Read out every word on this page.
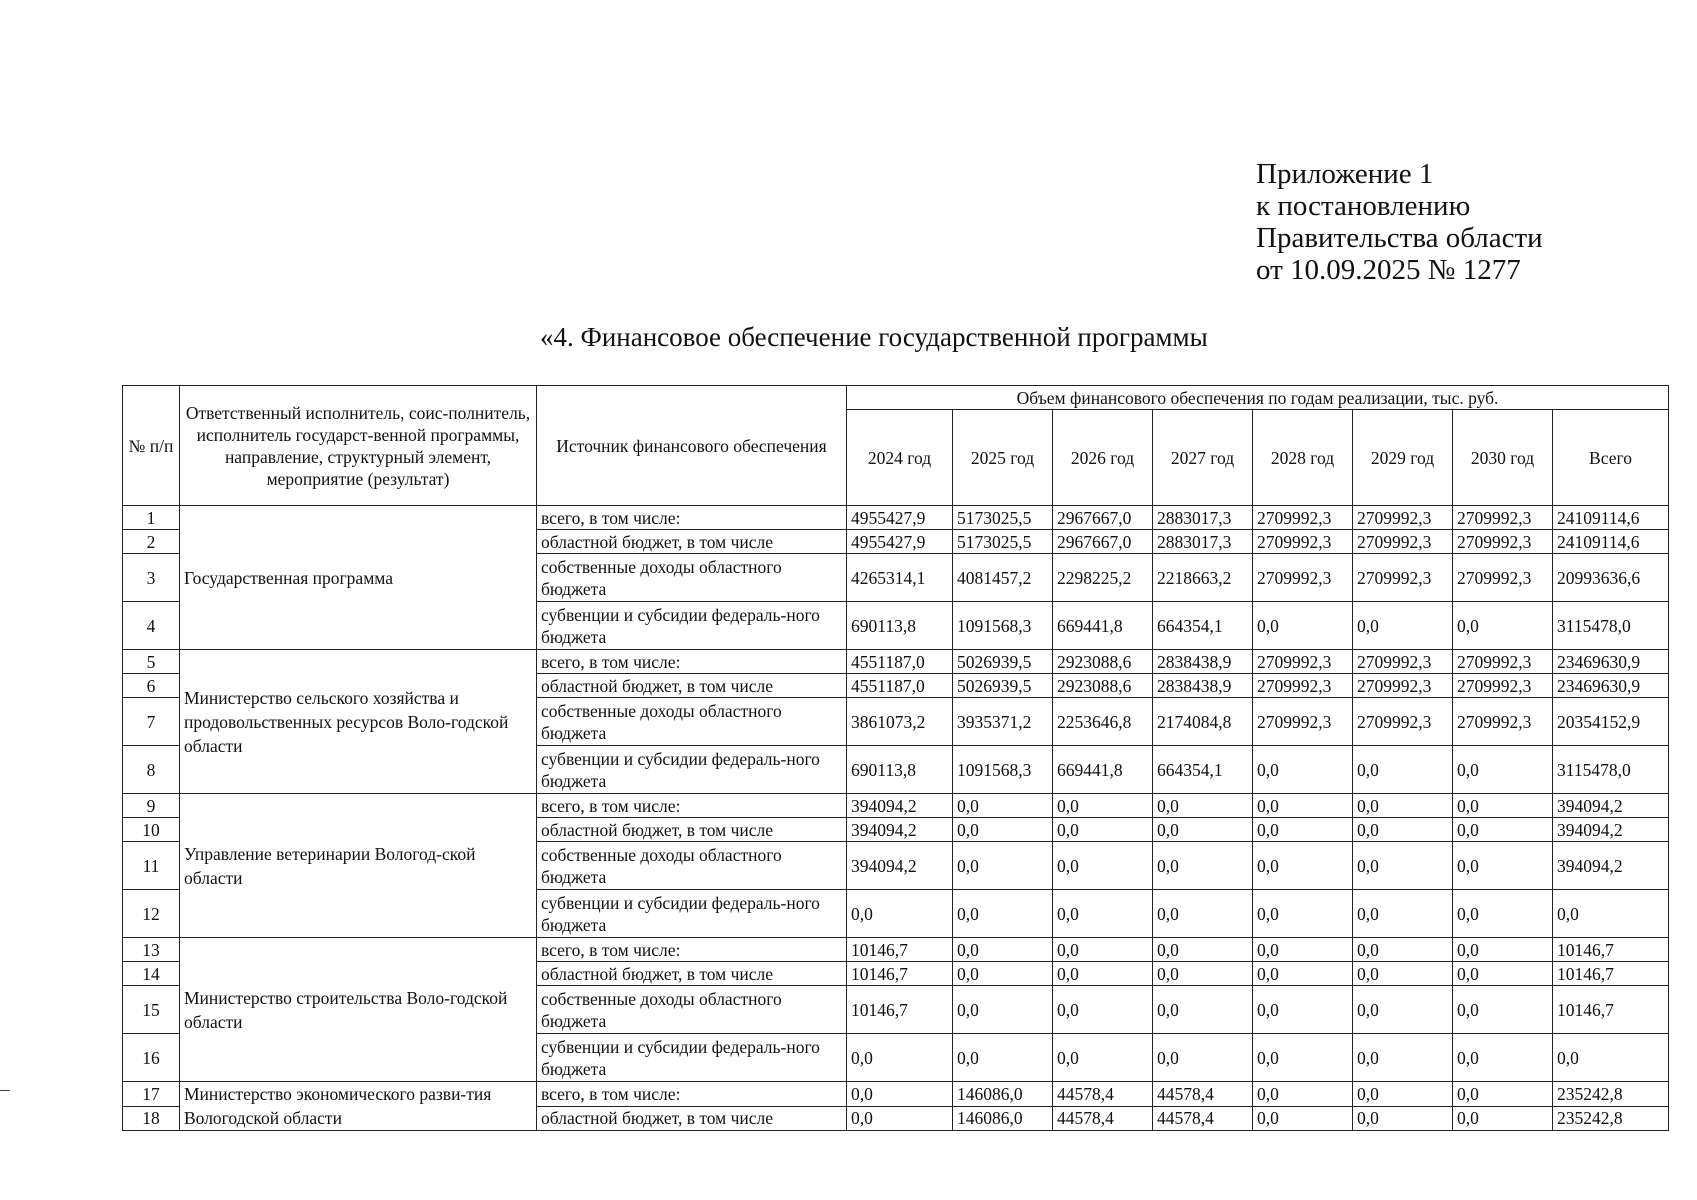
Приложение 1
к постановлению
Правительства области
от 10.09.2025 № 1277
«4. Финансовое обеспечение государственной программы
№ п/п	Ответственный исполнитель, соис-полнитель, исполнитель государст-венной программы, направление, структурный элемент, мероприятие (результат)	Источник финансового обеспечения	Объем финансового обеспечения по годам реализации, тыс. руб.							
			2024 год	2025 год	2026 год	2027 год	2028 год	2029 год	2030 год	Всего
1	Государственная программа	всего, в том числе:	4955427,9	5173025,5	2967667,0	2883017,3	2709992,3	2709992,3	2709992,3	24109114,6
2		областной бюджет, в том числе	4955427,9	5173025,5	2967667,0	2883017,3	2709992,3	2709992,3	2709992,3	24109114,6
3		собственные доходы областного бюджета	4265314,1	4081457,2	2298225,2	2218663,2	2709992,3	2709992,3	2709992,3	20993636,6
4		субвенции и субсидии федераль-ного бюджета	690113,8	1091568,3	669441,8	664354,1	0,0	0,0	0,0	3115478,0
5	Министерство сельского хозяйства и продовольственных ресурсов Воло-годской области	всего, в том числе:	4551187,0	5026939,5	2923088,6	2838438,9	2709992,3	2709992,3	2709992,3	23469630,9
6		областной бюджет, в том числе	4551187,0	5026939,5	2923088,6	2838438,9	2709992,3	2709992,3	2709992,3	23469630,9
7		собственные доходы областного бюджета	3861073,2	3935371,2	2253646,8	2174084,8	2709992,3	2709992,3	2709992,3	20354152,9
8		субвенции и субсидии федераль-ного бюджета	690113,8	1091568,3	669441,8	664354,1	0,0	0,0	0,0	3115478,0
9	Управление ветеринарии Вологод-ской области	всего, в том числе:	394094,2	0,0	0,0	0,0	0,0	0,0	0,0	394094,2
10		областной бюджет, в том числе	394094,2	0,0	0,0	0,0	0,0	0,0	0,0	394094,2
11		собственные доходы областного бюджета	394094,2	0,0	0,0	0,0	0,0	0,0	0,0	394094,2
12		субвенции и субсидии федераль-ного бюджета	0,0	0,0	0,0	0,0	0,0	0,0	0,0	0,0
13	Министерство строительства Воло-годской области	всего, в том числе:	10146,7	0,0	0,0	0,0	0,0	0,0	0,0	10146,7
14		областной бюджет, в том числе	10146,7	0,0	0,0	0,0	0,0	0,0	0,0	10146,7
15		собственные доходы областного бюджета	10146,7	0,0	0,0	0,0	0,0	0,0	0,0	10146,7
16		субвенции и субсидии федераль-ного бюджета	0,0	0,0	0,0	0,0	0,0	0,0	0,0	0,0
17	Министерство экономического разви-тия Вологодской области	всего, в том числе:	0,0	146086,0	44578,4	44578,4	0,0	0,0	0,0	235242,8
18		областной бюджет, в том числе	0,0	146086,0	44578,4	44578,4	0,0	0,0	0,0	235242,8
